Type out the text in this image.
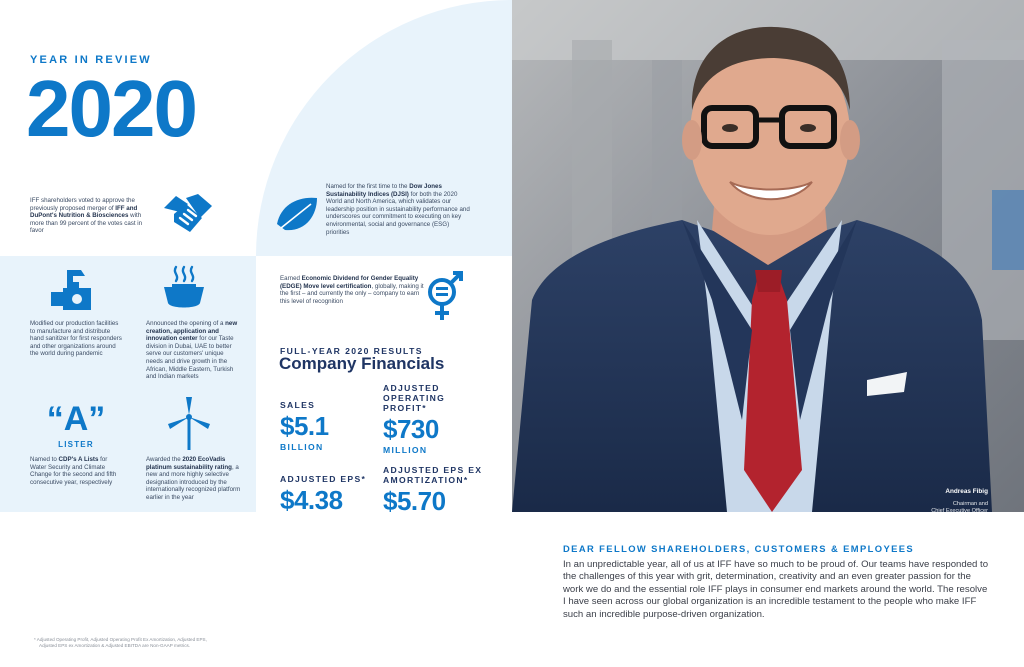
YEAR IN REVIEW
2020
IFF shareholders voted to approve the previously proposed merger of IFF and DuPont's Nutrition & Biosciences with more than 99 percent of the votes cast in favor
Named for the first time to the Dow Jones Sustainability Indices (DJSI) for both the 2020 World and North America, which validates our leadership position in sustainability performance and underscores our commitment to executing on key environmental, social and governance (ESG) priorities
Modified our production facilities to manufacture and distribute hand sanitizer for first responders and other organizations around the world during pandemic
Announced the opening of a new creation, application and innovation center for our Taste division in Dubai, UAE to better serve our customers' unique needs and drive growth in the African, Middle Eastern, Turkish and Indian markets
Earned Economic Dividend for Gender Equality (EDGE) Move level certification, globally, making it the first – and currently the only – company to earn this level of recognition
“A”
LISTER
Named to CDP's A Lists for Water Security and Climate Change for the second and fifth consecutive year, respectively
Awarded the 2020 EcoVadis platinum sustainability rating, a new and more highly selective designation introduced by the internationally recognized platform earlier in the year
FULL-YEAR 2020 RESULTS
Company Financials
SALES
$5.1
BILLION
ADJUSTED OPERATING PROFIT*
$730
MILLION
ADJUSTED EPS*
$4.38
ADJUSTED EPS EX AMORTIZATION*
$5.70	Andreas Fibig
Chairman and
Chief Executive Officer
DEAR FELLOW SHAREHOLDERS, CUSTOMERS & EMPLOYEES
In an unpredictable year, all of us at IFF have so much to be proud of. Our teams have responded to the challenges of this year with grit, determination, creativity and an even greater passion for the work we do and the essential role IFF plays in consumer end markets around the world. The resolve I have seen across our global organization is an incredible testament to the people who make IFF such an incredible purpose-driven organization.
* Adjusted Operating Profit, Adjusted Operating Profit Ex Amortization, Adjusted EPS,
Adjusted EPS ex Amortization & Adjusted EBITDA are Non-GAAP metrics.
